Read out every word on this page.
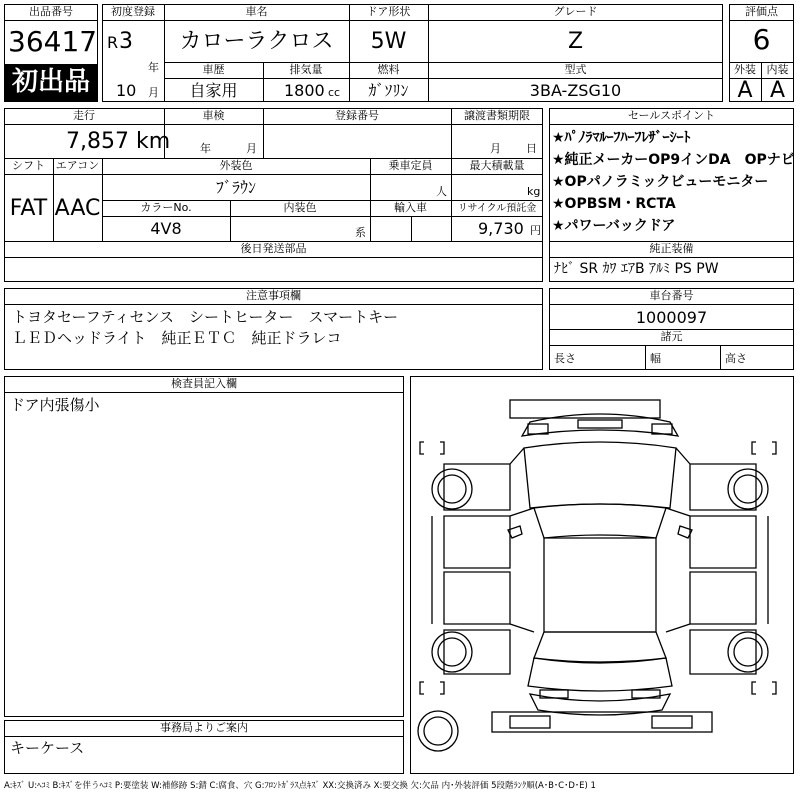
出品番号
36417
初出品
初度登録
R 3
年
10 月
車名
カローラクロス
ドア形状
5W
グレード
Z
車歴
自家用
排気量
1800 cc
燃料
ｶﾞｿﾘﾝ
型式
3BA-ZSG10
評価点
6
外装
A
内装
A
走行
7,857 km
車検
年	月
登録番号	譲渡書類期限
月 日
シフト
FAT
エアコン
AAC
外装色
ﾌﾞﾗｳﾝ
乗車定員
人
最大積載量
kg
カラーNo.
4V8
内装色
系
輸入車	リサイクル預託金
9,730 円
後日発送部品
セールスポイント
★ﾊﾟﾉﾗﾏﾙｰﾌﾊｰﾌﾚｻﾞｰｼｰﾄ
★純正メーカーOP9インDA　OPナビ
★OPパノラミックビューモニター
★OPBSM・RCTA
★パワーバックドア
純正装備
ﾅﾋﾞ SR ｶﾜ ｴｱB ｱﾙﾐ PS PW
注意事項欄
トヨタセーフティセンス　シートヒーター　スマートキー
ＬＥＤヘッドライト　純正ＥＴＣ　純正ドラレコ
車台番号
1000097
諸元
長さ	幅	高さ
検査員記入欄
ドア内張傷小
事務局よりご案内
キーケース
A:ｷｽﾞ U:ﾍｺﾐ B:ｷｽﾞを伴うﾍｺﾐ P:要塗装 W:補修跡 S:錆 C:腐食、穴 G:ﾌﾛﾝﾄｶﾞﾗｽ点ｷｽﾞ XX:交換済み X:要交換 欠:欠品 内･外装評価 5段階ﾗﾝｸ順(A･B･C･D･E) 1
